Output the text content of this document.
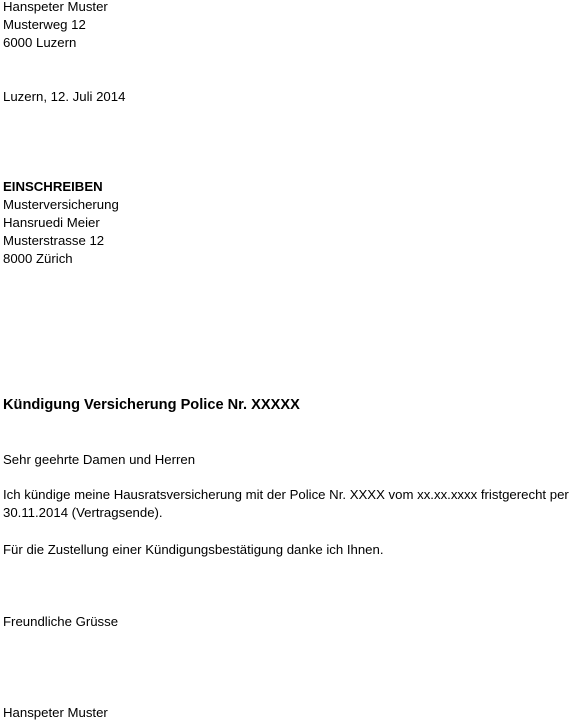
Hanspeter Muster
Musterweg 12
6000 Luzern
Luzern, 12. Juli 2014
EINSCHREIBEN
Musterversicherung
Hansruedi Meier
Musterstrasse 12
8000 Zürich
Kündigung Versicherung Police Nr. XXXXX
Sehr geehrte Damen und Herren
Ich kündige meine Hausratsversicherung mit der Police Nr. XXXX vom xx.xx.xxxx fristgerecht per
30.11.2014 (Vertragsende).
Für die Zustellung einer Kündigungsbestätigung danke ich Ihnen.
Freundliche Grüsse
Hanspeter Muster
